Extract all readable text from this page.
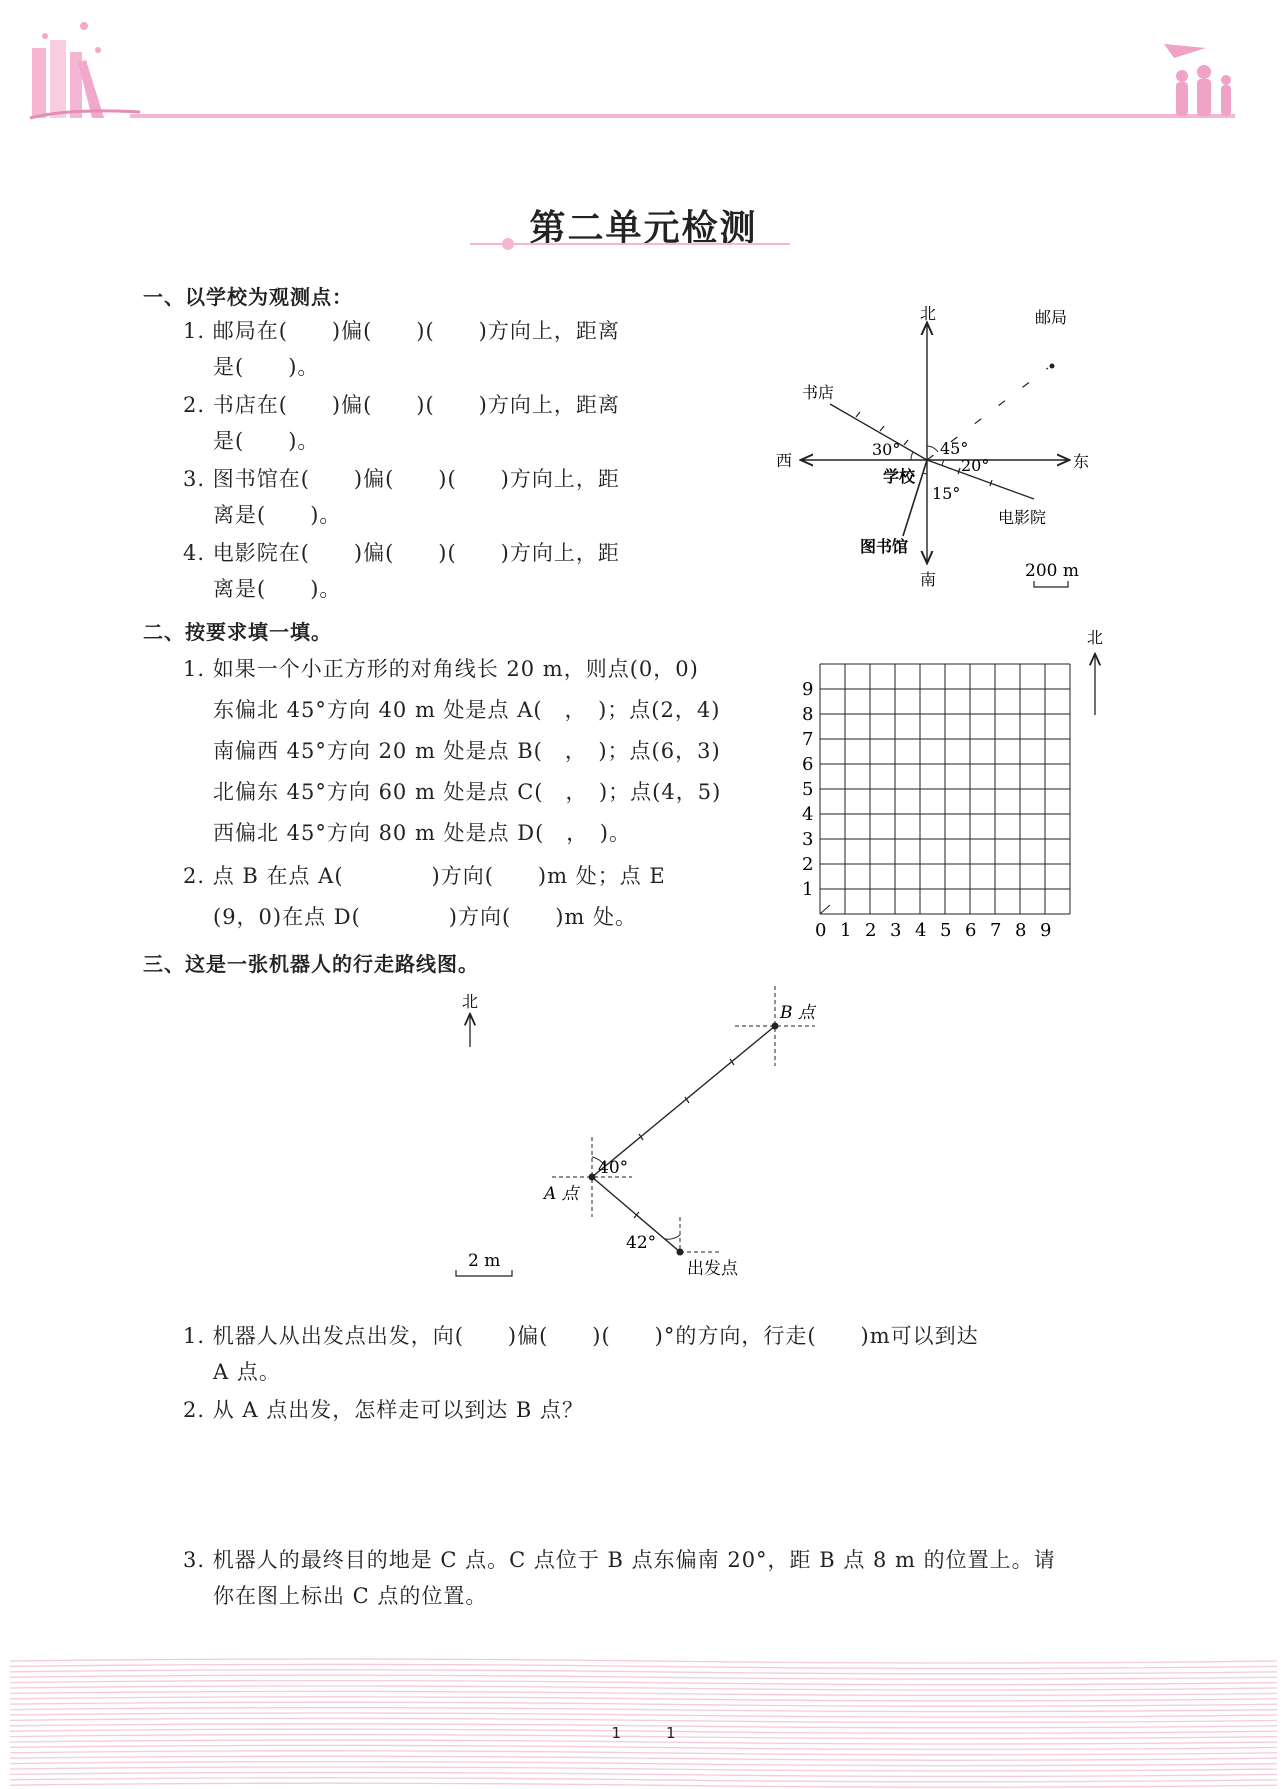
第二单元检测
一、以学校为观测点：
1. 邮局在(　　)偏(　　)(　　)方向上，距离
是(　　)。
2. 书店在(　　)偏(　　)(　　)方向上，距离
是(　　)。
3. 图书馆在(　　)偏(　　)(　　)方向上，距
离是(　　)。
4. 电影院在(　　)偏(　　)(　　)方向上，距
离是(　　)。
北
南
东
西
学校
邮局
书店
图书馆
电影院
30° 45°
20°
15°
200 m
二、按要求填一填。
1. 如果一个小正方形的对角线长 20 m，则点(0，0)
东偏北 45°方向 40 m 处是点 A(　，　)；点(2，4)
南偏西 45°方向 20 m 处是点 B(　，　)；点(6，3)
北偏东 45°方向 60 m 处是点 C(　，　)；点(4，5)
西偏北 45°方向 80 m 处是点 D(　，　)。
2. 点 B 在点 A(　　　　)方向(　　)m 处；点 E
(9，0)在点 D(　　　　)方向(　　)m 处。
0 1 2 3 4 5 6 7 8 9
1
2
3
4
5
6
7
8
9
北
三、这是一张机器人的行走路线图。
北
B 点
A 点
出发点
40°
42°
2 m
1. 机器人从出发点出发，向(　　)偏(　　)(　　)°的方向，行走(　　)m可以到达
A 点。
2. 从 A 点出发，怎样走可以到达 B 点？
3. 机器人的最终目的地是 C 点。C 点位于 B 点东偏南 20°，距 B 点 8 m 的位置上。请
你在图上标出 C 点的位置。
1　　　1
